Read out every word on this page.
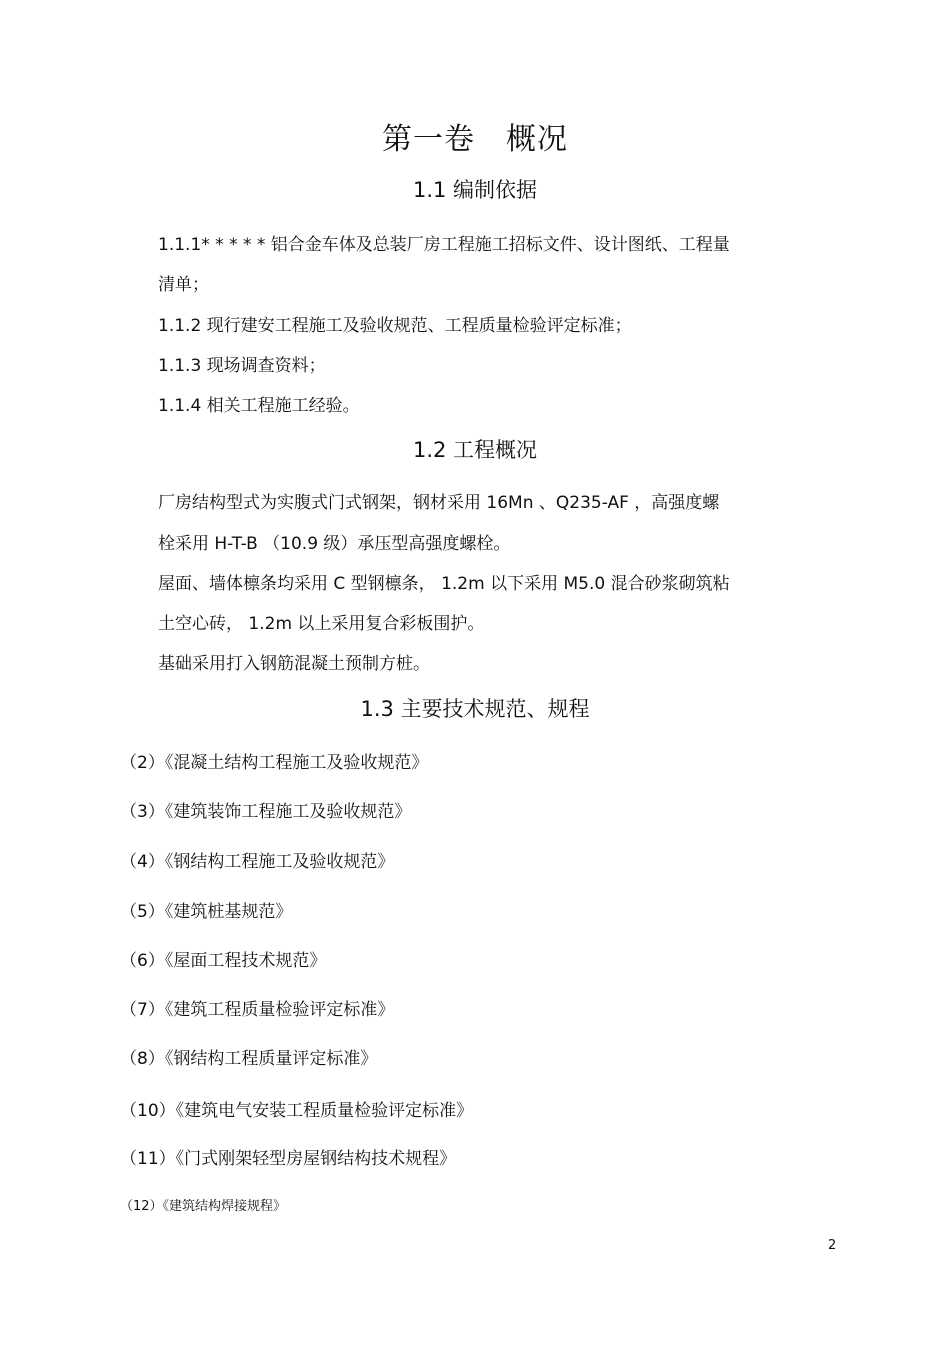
第一卷　概况
1.1 编制依据
1.1.1* * * * * 铝合金车体及总装厂房工程施工招标文件、设计图纸、工程量
清单；
1.1.2 现行建安工程施工及验收规范、工程质量检验评定标准；
1.1.3 现场调查资料；
1.1.4 相关工程施工经验。
1.2 工程概况
厂房结构型式为实腹式门式钢架，钢材采用 16Mn 、Q235-AF ，高强度螺
栓采用 H-T-B （10.9 级）承压型高强度螺栓。
屋面、墙体檩条均采用 C 型钢檩条， 1.2m 以下采用 M5.0 混合砂浆砌筑粘
土空心砖， 1.2m 以上采用复合彩板围护。
基础采用打入钢筋混凝土预制方桩。
1.3 主要技术规范、规程
（2）《混凝土结构工程施工及验收规范》
（3）《建筑装饰工程施工及验收规范》
（4）《钢结构工程施工及验收规范》
（5）《建筑桩基规范》
（6）《屋面工程技术规范》
（7）《建筑工程质量检验评定标准》
（8）《钢结构工程质量评定标准》
（10）《建筑电气安装工程质量检验评定标准》
（11）《门式刚架轻型房屋钢结构技术规程》
（12）《建筑结构焊接规程》
2
